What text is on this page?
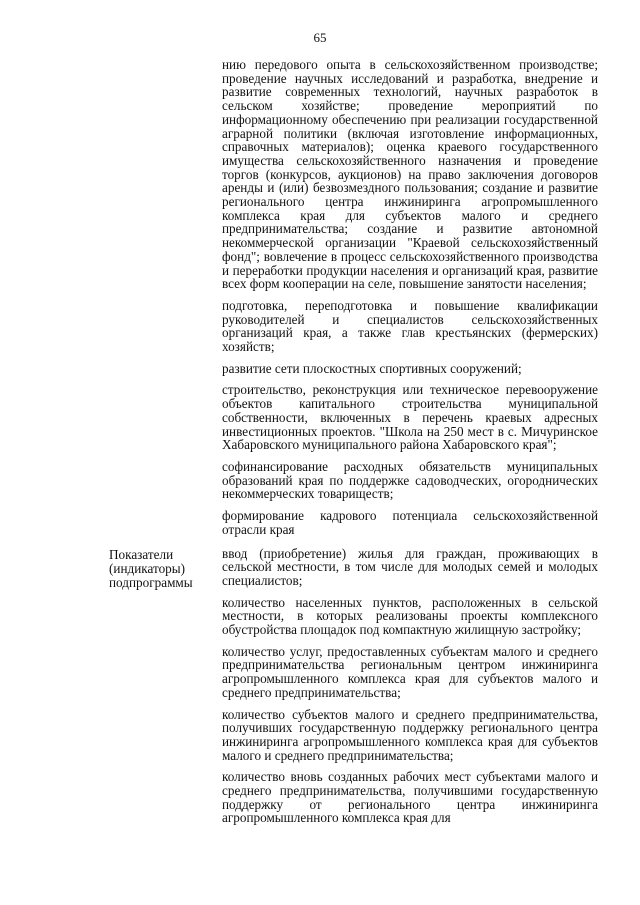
65
Показатели
(индикаторы)
подпрограммы

нию передового опыта в сельскохозяйственном производстве; проведение научных исследований и разработка, внедрение и развитие современных технологий, научных разработок в сельском хозяйстве; проведение мероприятий по информационному обеспечению при реализации государственной аграрной политики (включая изготовление информационных, справочных материалов); оценка краевого государственного имущества сельскохозяйственного назначения и проведение торгов (конкурсов, аукционов) на право заключения договоров аренды и (или) безвозмездного пользования; создание и развитие регионального центра инжиниринга агропромышленного комплекса края для субъектов малого и среднего предпринимательства; создание и развитие автономной некоммерческой организации "Краевой сельскохозяйственный фонд"; вовлечение в процесс сельскохозяйственного производства и переработки продукции населения и организаций края, развитие всех форм кооперации на селе, повышение занятости населения;

подготовка, переподготовка и повышение квалификации руководителей и специалистов сельскохозяйственных организаций края, а также глав крестьянских (фермерских) хозяйств;

развитие сети плоскостных спортивных сооружений;

строительство, реконструкция или техническое перевооружение объектов капитального строительства муниципальной собственности, включенных в перечень краевых адресных инвестиционных проектов. "Школа на 250 мест в с. Мичуринское Хабаровского муниципального района Хабаровского края";

софинансирование расходных обязательств муниципальных образований края по поддержке садоводческих, огороднических некоммерческих товариществ;

формирование кадрового потенциала сельскохозяйственной отрасли края

ввод (приобретение) жилья для граждан, проживающих в сельской местности, в том числе для молодых семей и молодых специалистов;

количество населенных пунктов, расположенных в сельской местности, в которых реализованы проекты комплексного обустройства площадок под компактную жилищную застройку;

количество услуг, предоставленных субъектам малого и среднего предпринимательства региональным центром инжиниринга агропромышленного комплекса края для субъектов малого и среднего предпринимательства;

количество субъектов малого и среднего предпринимательства, получивших государственную поддержку регионального центра инжиниринга агропромышленного комплекса края для субъектов малого и среднего предпринимательства;

количество вновь созданных рабочих мест субъектами малого и среднего предпринимательства, получившими государственную поддержку от регионального центра инжиниринга агропромышленного комплекса края для
